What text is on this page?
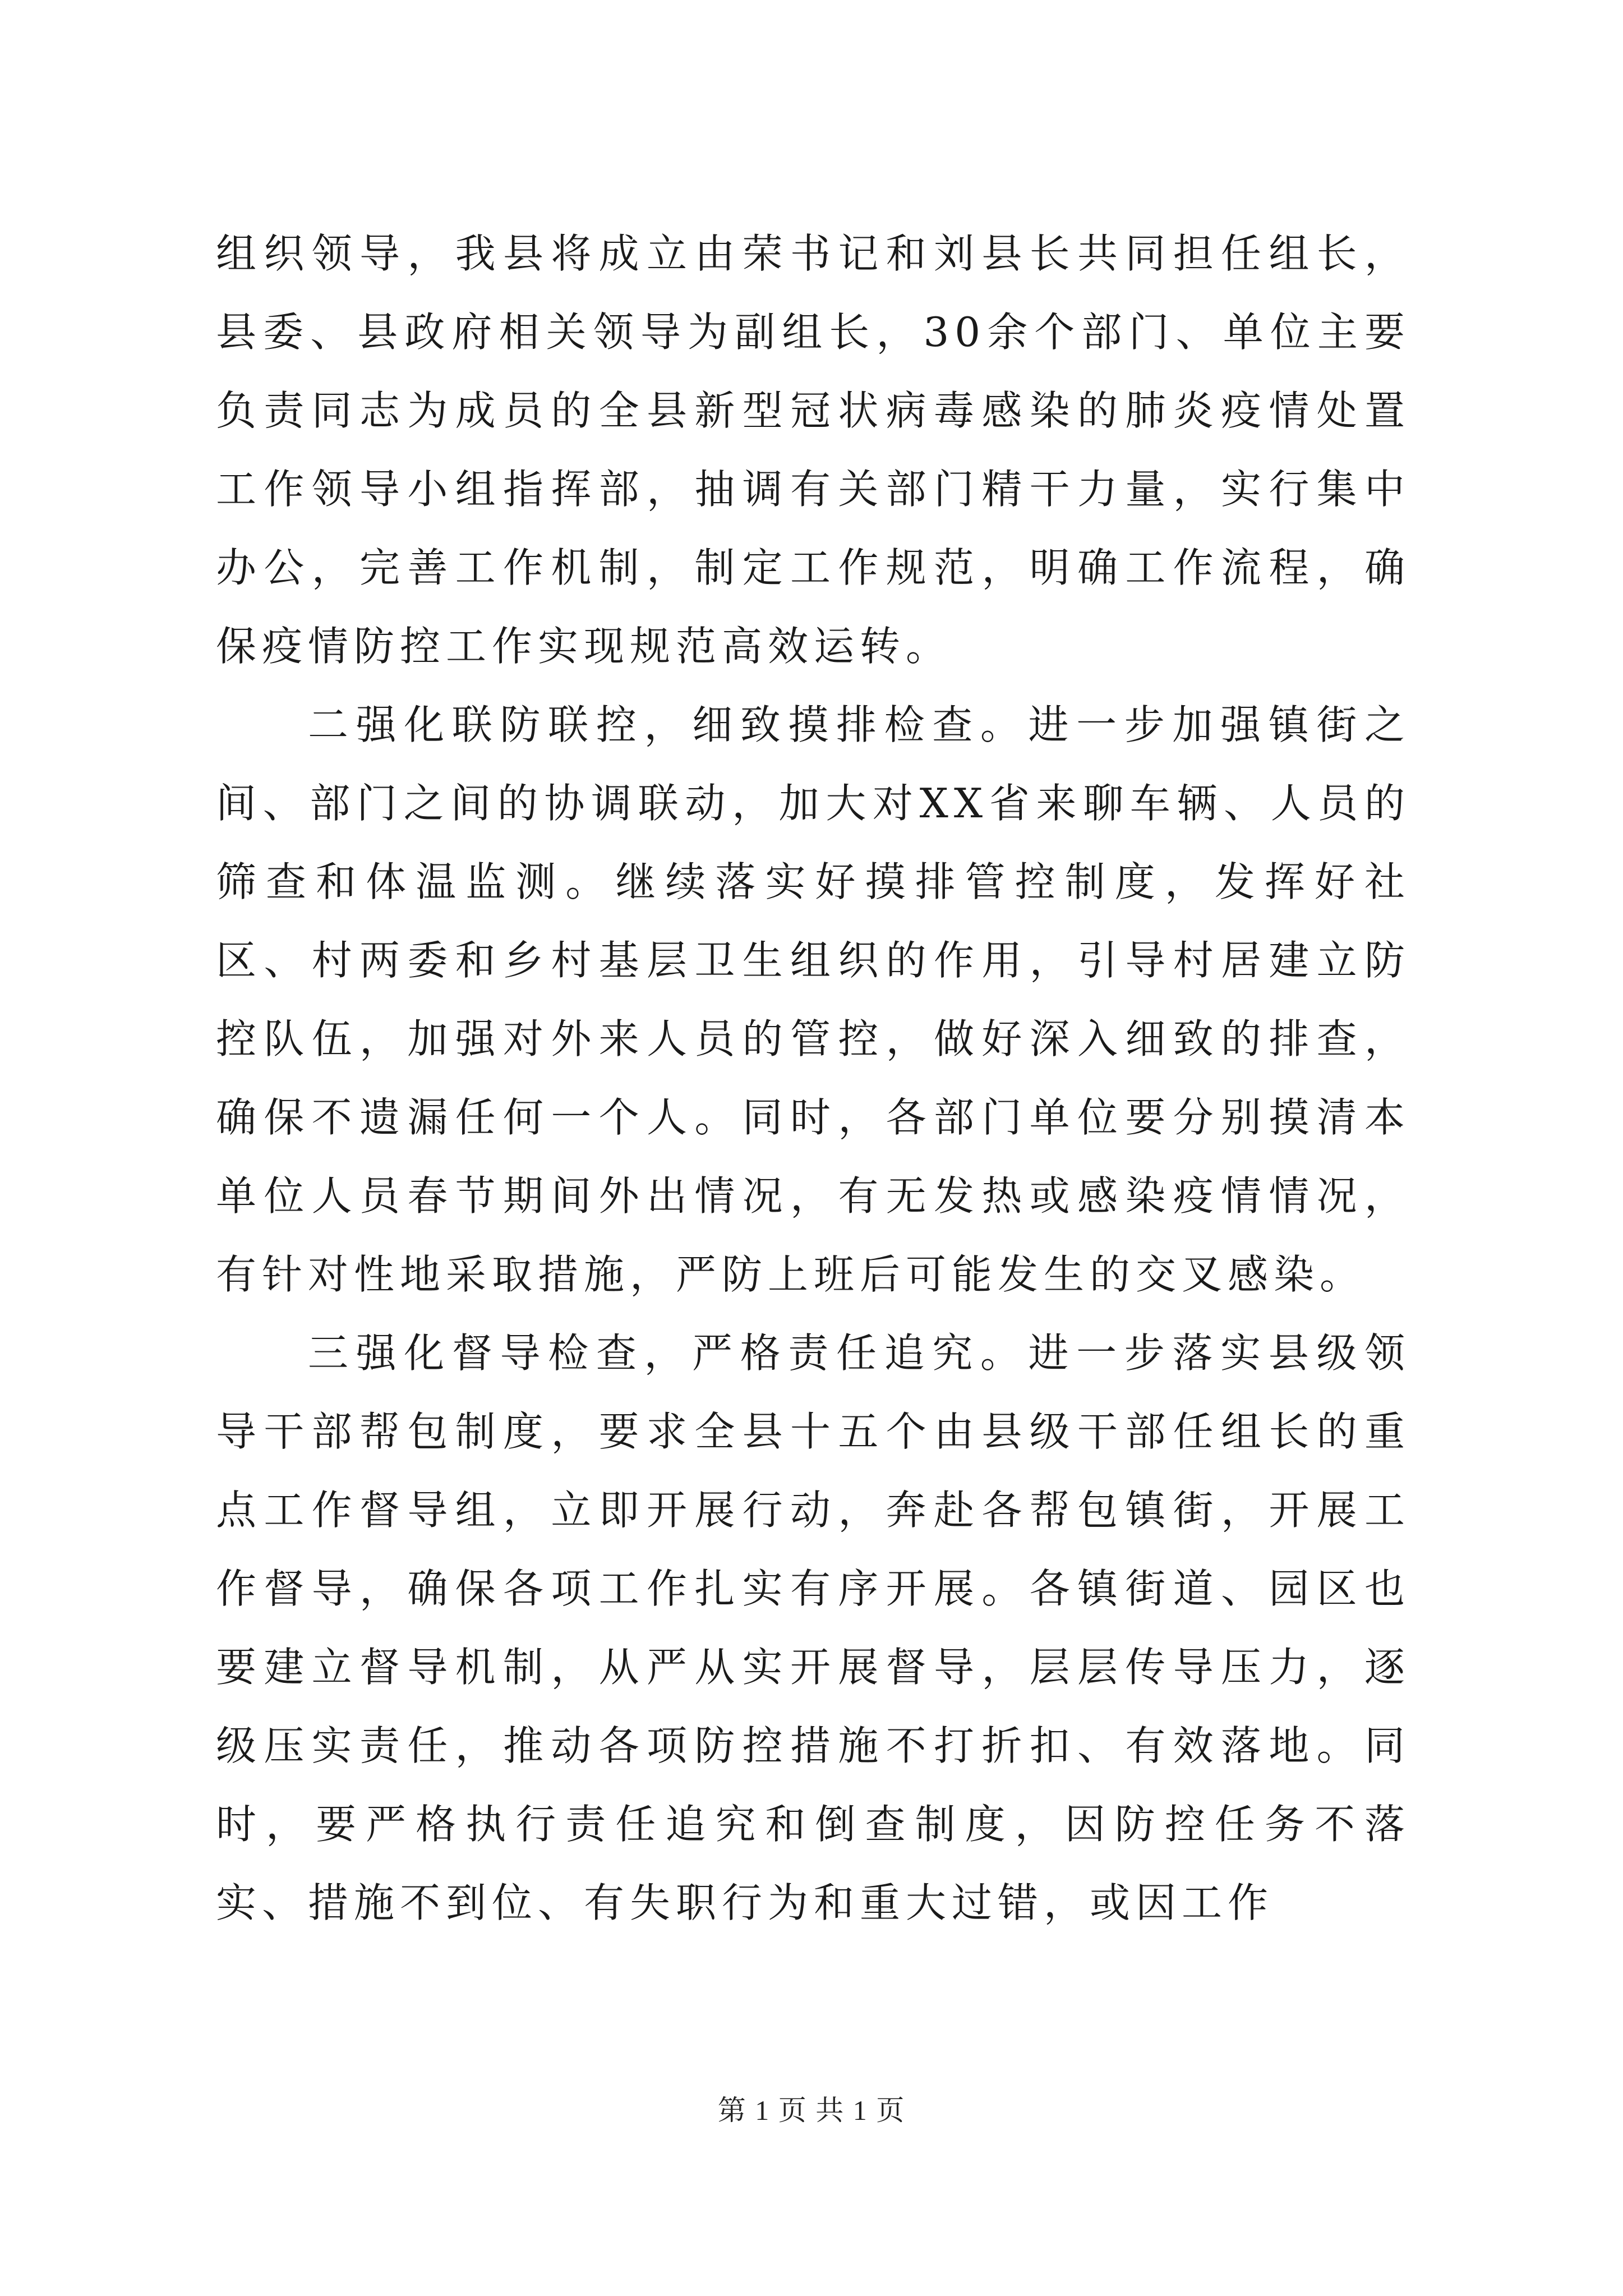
组织领导，我县将成立由荣书记和刘县长共同担任组长，县委、县政府相关领导为副组长，30余个部门、单位主要负责同志为成员的全县新型冠状病毒感染的肺炎疫情处置工作领导小组指挥部，抽调有关部门精干力量，实行集中办公，完善工作机制，制定工作规范，明确工作流程，确保疫情防控工作实现规范高效运转。

二强化联防联控，细致摸排检查。进一步加强镇街之间、部门之间的协调联动，加大对XX省来聊车辆、人员的筛查和体温监测。继续落实好摸排管控制度，发挥好社区、村两委和乡村基层卫生组织的作用，引导村居建立防控队伍，加强对外来人员的管控，做好深入细致的排查，确保不遗漏任何一个人。同时，各部门单位要分别摸清本单位人员春节期间外出情况，有无发热或感染疫情情况，有针对性地采取措施，严防上班后可能发生的交叉感染。

三强化督导检查，严格责任追究。进一步落实县级领导干部帮包制度，要求全县十五个由县级干部任组长的重点工作督导组，立即开展行动，奔赴各帮包镇街，开展工作督导，确保各项工作扎实有序开展。各镇街道、园区也要建立督导机制，从严从实开展督导，层层传导压力，逐级压实责任，推动各项防控措施不打折扣、有效落地。同时，要严格执行责任追究和倒查制度，因防控任务不落实、措施不到位、有失职行为和重大过错，或因工作

第 1 页 共 1 页
